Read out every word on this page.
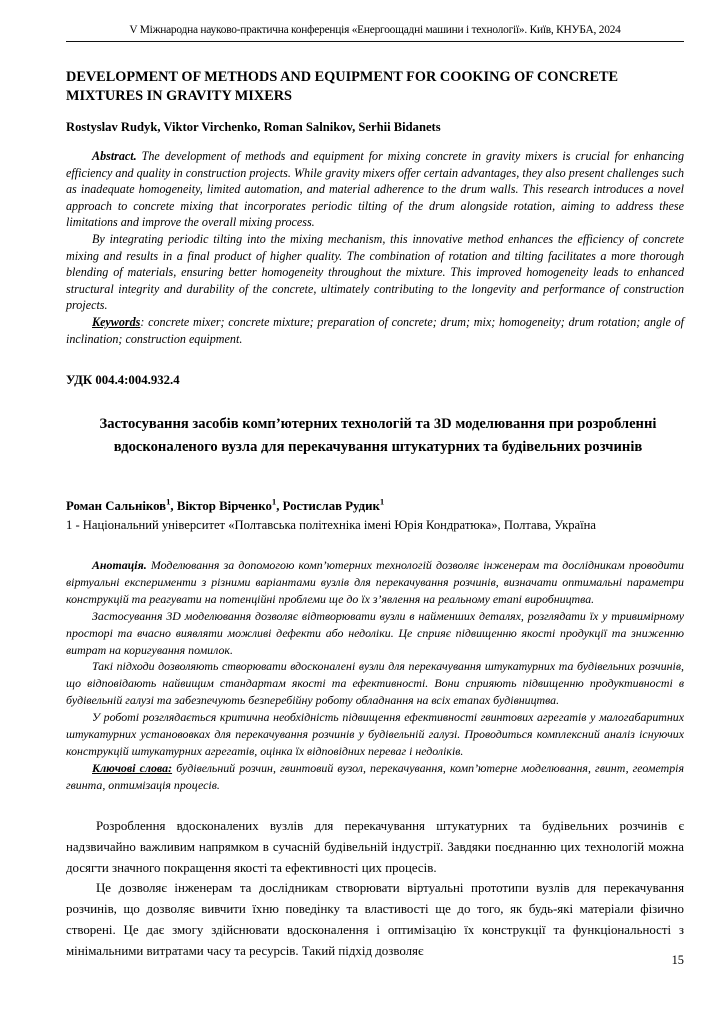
V Міжнародна науково-практична конференція «Енергоощадні машини і технології». Київ, КНУБА, 2024
DEVELOPMENT OF METHODS AND EQUIPMENT FOR COOKING OF CONCRETE MIXTURES IN GRAVITY MIXERS
Rostyslav Rudyk, Viktor Virchenko, Roman Salnikov, Serhii Bidanets

Abstract. The development of methods and equipment for mixing concrete in gravity mixers is crucial for enhancing efficiency and quality in construction projects. While gravity mixers offer certain advantages, they also present challenges such as inadequate homogeneity, limited automation, and material adherence to the drum walls. This research introduces a novel approach to concrete mixing that incorporates periodic tilting of the drum alongside rotation, aiming to address these limitations and improve the overall mixing process.

By integrating periodic tilting into the mixing mechanism, this innovative method enhances the efficiency of concrete mixing and results in a final product of higher quality. The combination of rotation and tilting facilitates a more thorough blending of materials, ensuring better homogeneity throughout the mixture. This improved homogeneity leads to enhanced structural integrity and durability of the concrete, ultimately contributing to the longevity and performance of construction projects.

Keywords: concrete mixer; concrete mixture; preparation of concrete; drum; mix; homogeneity; drum rotation; angle of inclination; construction equipment.

УДК 004.4:004.932.4
Застосування засобів комп’ютерних технологій та 3D моделювання при розробленні вдосконаленого вузла для перекачування штукатурних та будівельних розчинів
Роман Сальніков$^1$, Віктор Вірченко$^1$, Ростислав Рудик$^1$
1 - Національний університет «Полтавська політехніка імені Юрія Кондратюка», Полтава, Україна

Анотація. Моделювання за допомогою комп’ютерних технологій дозволяє інженерам та дослідникам проводити віртуальні експерименти з різними варіантами вузлів для перекачування розчинів, визначати оптимальні параметри конструкцій та реагувати на потенційні проблеми ще до їх з’явлення на реальному етапі виробництва.

Застосування 3D моделювання дозволяє відтворювати вузли в найменших деталях, розглядати їх у тривимірному просторі та вчасно виявляти можливі дефекти або недоліки. Це сприяє підвищенню якості продукції та зниженню витрат на коригування помилок.

Такі підходи дозволяють створювати вдосконалені вузли для перекачування штукатурних та будівельних розчинів, що відповідають найвищим стандартам якості та ефективності. Вони сприяють підвищенню продуктивності в будівельній галузі та забезпечують безперебійну роботу обладнання на всіх етапах будівництва.

У роботі розглядається критична необхідність підвищення ефективності гвинтових агрегатів у малогабаритних штукатурних установовках для перекачування розчинів у будівельній галузі. Проводиться комплексний аналіз існуючих конструкцій штукатурних агрегатів, оцінка їх відповідних переваг і недоліків.

Ключові слова: будівельний розчин, гвинтовий вузол, перекачування, комп’ютерне моделювання, гвинт, геометрія гвинта, оптимізація процесів.

Розроблення вдосконалених вузлів для перекачування штукатурних та будівельних розчинів є надзвичайно важливим напрямком в сучасній будівельній індустрії. Завдяки поєднанню цих технологій можна досягти значного покращення якості та ефективності цих процесів.

Це дозволяє інженерам та дослідникам створювати віртуальні прототипи вузлів для перекачування розчинів, що дозволяє вивчити їхню поведінку та властивості ще до того, як будь-які матеріали фізично створені. Це дає змогу здійснювати вдосконалення і оптимізацію їх конструкції та функціональності з мінімальними витратами часу та ресурсів. Такий підхід дозволяє

15
